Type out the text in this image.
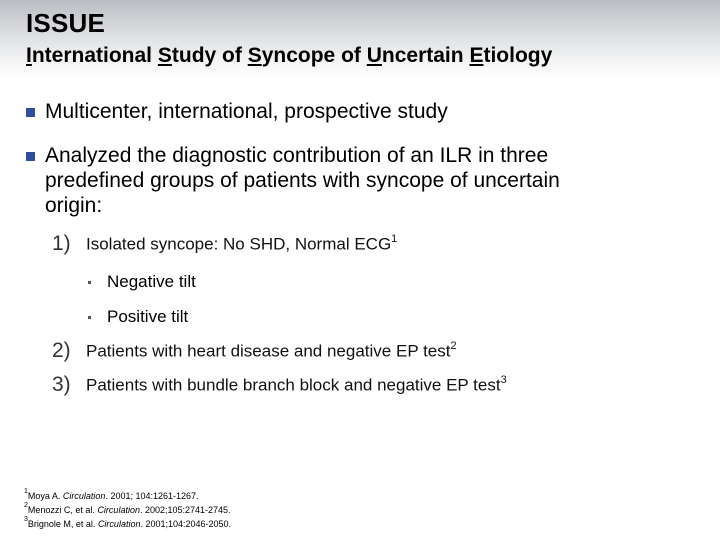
ISSUE
International Study of Syncope of Uncertain Etiology
Multicenter, international, prospective study
Analyzed the diagnostic contribution of an ILR in three predefined groups of patients with syncope of uncertain origin:
1) Isolated syncope: No SHD, Normal ECG$^1$
Negative tilt
Positive tilt
2) Patients with heart disease and negative EP test$^2$
3) Patients with bundle branch block and negative EP test$^3$
$^1$Moya A. Circulation. 2001; 104:1261-1267.
$^2$Menozzi C, et al. Circulation. 2002;105:2741-2745.
$^3$Brignole M, et al. Circulation. 2001;104:2046-2050.
